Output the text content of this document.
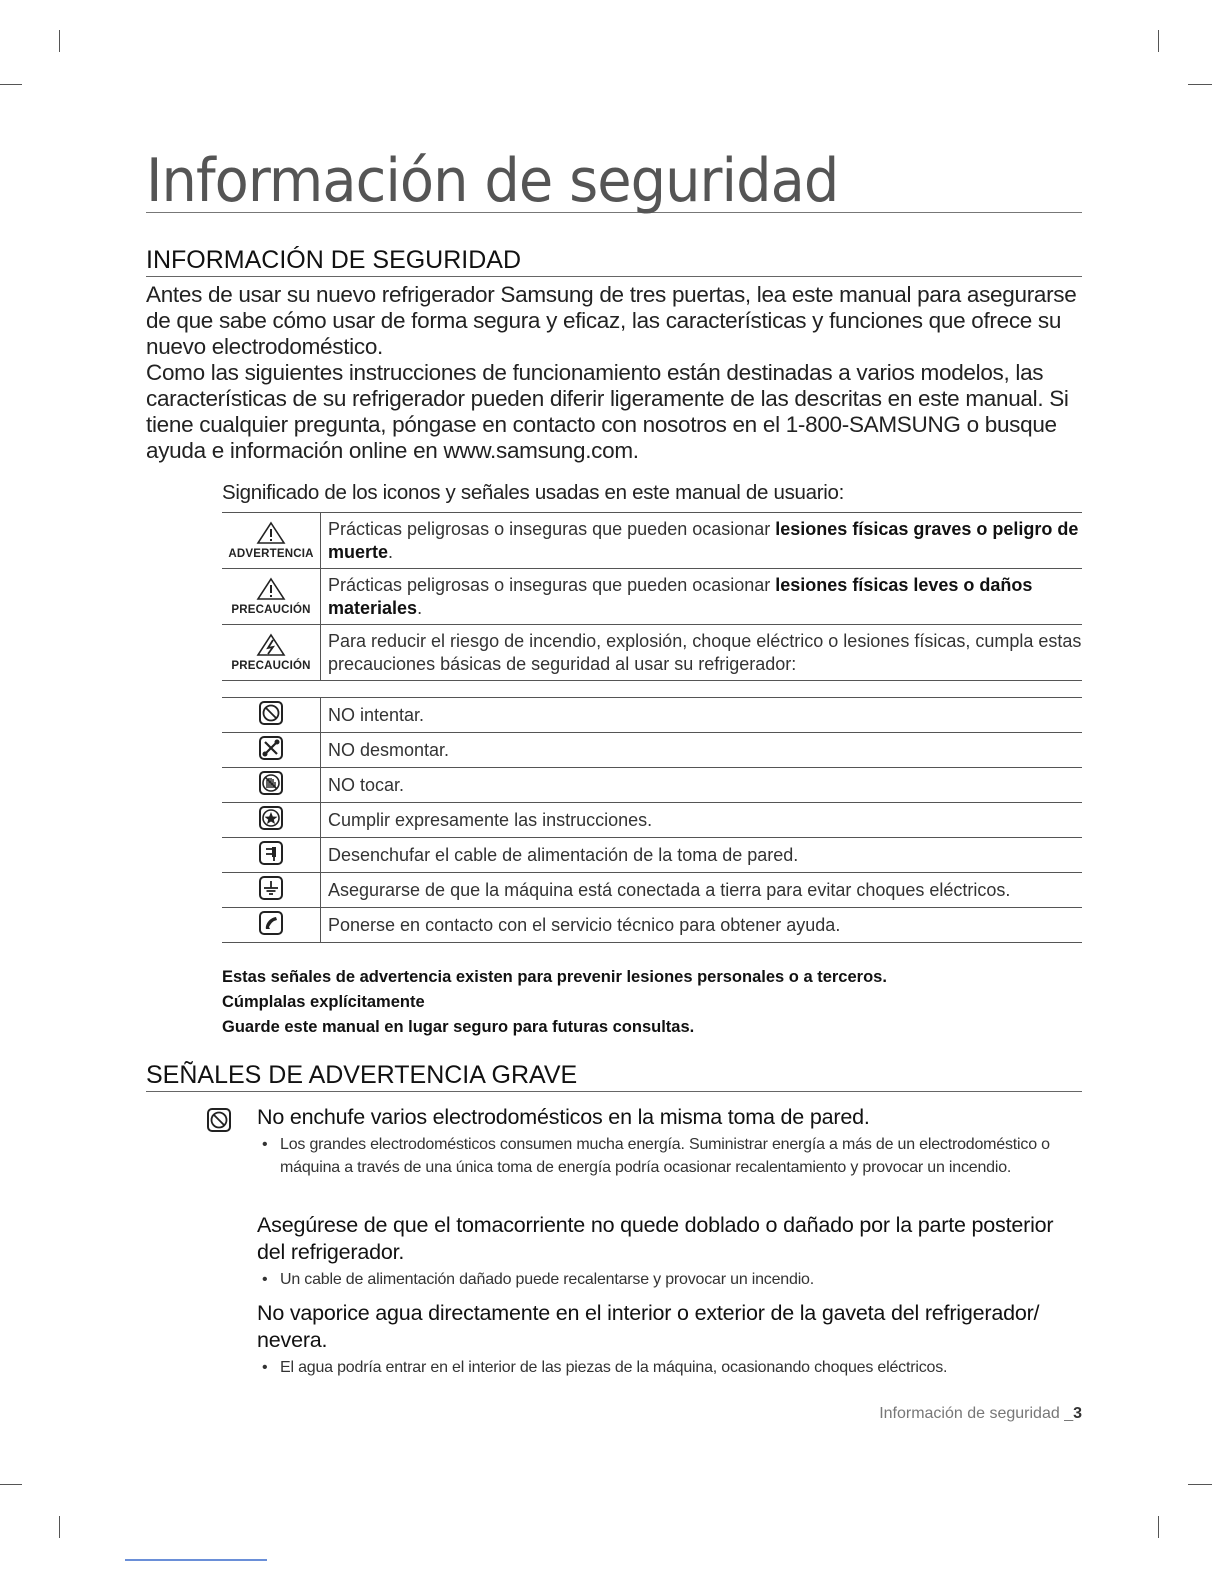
Información de seguridad
INFORMACIÓN DE SEGURIDAD

Antes de usar su nuevo refrigerador Samsung de tres puertas, lea este manual para asegurarse de que sabe cómo usar de forma segura y eficaz, las características y funciones que ofrece su nuevo electrodoméstico.

Como las siguientes instrucciones de funcionamiento están destinadas a varios modelos, las características de su refrigerador pueden diferir ligeramente de las descritas en este manual. Si tiene cualquier pregunta, póngase en contacto con nosotros en el 1-800-SAMSUNG o busque ayuda e información online en www.samsung.com.

Significado de los iconos y señales usadas en este manual de usuario:
ADVERTENCIA	Prácticas peligrosas o inseguras que pueden ocasionar lesiones físicas graves o peligro de muerte.

PRECAUCIÓN	Prácticas peligrosas o inseguras que pueden ocasionar lesiones físicas leves o daños materiales.

PRECAUCIÓN	Para reducir el riesgo de incendio, explosión, choque eléctrico o lesiones físicas, cumpla estas precauciones básicas de seguridad al usar su refrigerador:
	NO intentar.
	NO desmontar.
	NO tocar.
	Cumplir expresamente las instrucciones.
	Desenchufar el cable de alimentación de la toma de pared.
	Asegurarse de que la máquina está conectada a tierra para evitar choques eléctricos.
	Ponerse en contacto con el servicio técnico para obtener ayuda.
Estas señales de advertencia existen para prevenir lesiones personales o a terceros.
Cúmplalas explícitamente
Guarde este manual en lugar seguro para futuras consultas.
SEÑALES DE ADVERTENCIA GRAVE
No enchufe varios electrodomésticos en la misma toma de pared.
• Los grandes electrodomésticos consumen mucha energía. Suministrar energía a más de un electrodoméstico o máquina a través de una única toma de energía podría ocasionar recalentamiento y provocar un incendio.
Asegúrese de que el tomacorriente no quede doblado o dañado por la parte posterior del refrigerador.
• Un cable de alimentación dañado puede recalentarse y provocar un incendio.
No vaporice agua directamente en el interior o exterior de la gaveta del refrigerador/ nevera.
• El agua podría entrar en el interior de las piezas de la máquina, ocasionando choques eléctricos.
Información de seguridad _3
